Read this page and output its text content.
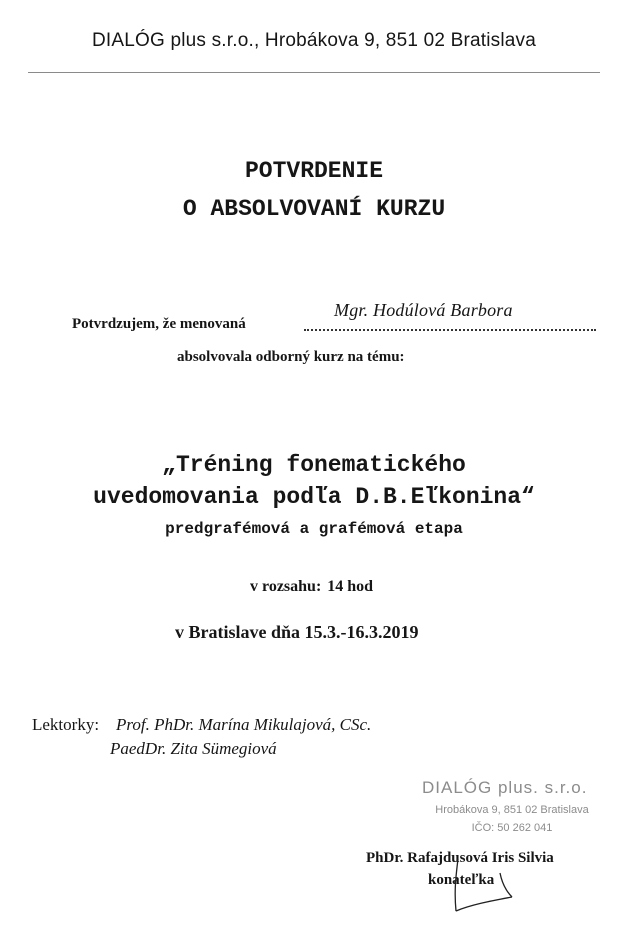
DIALÓG plus s.r.o., Hrobákova 9, 851 02 Bratislava
POTVRDENIE
O ABSOLVOVANÍ KURZU
Potvrdzujem, že menovaná
Mgr. Hodúlová Barbora
absolvovala odborný kurz na tému:
„Tréning fonematického
uvedomovania podľa D.B.Eľkonina“
predgrafémová a grafémová etapa
v rozsahu: 14 hod
v Bratislave dňa 15.3.-16.3.2019
Lektorky: Prof. PhDr. Marína Mikulajová, CSc.
PaedDr. Zita Sümegiová
DIALÓG plus. s.r.o.
Hrobákova 9, 851 02 Bratislava
IČO: 50 262 041
PhDr. Rafajdusová Iris Silvia
konateľka
